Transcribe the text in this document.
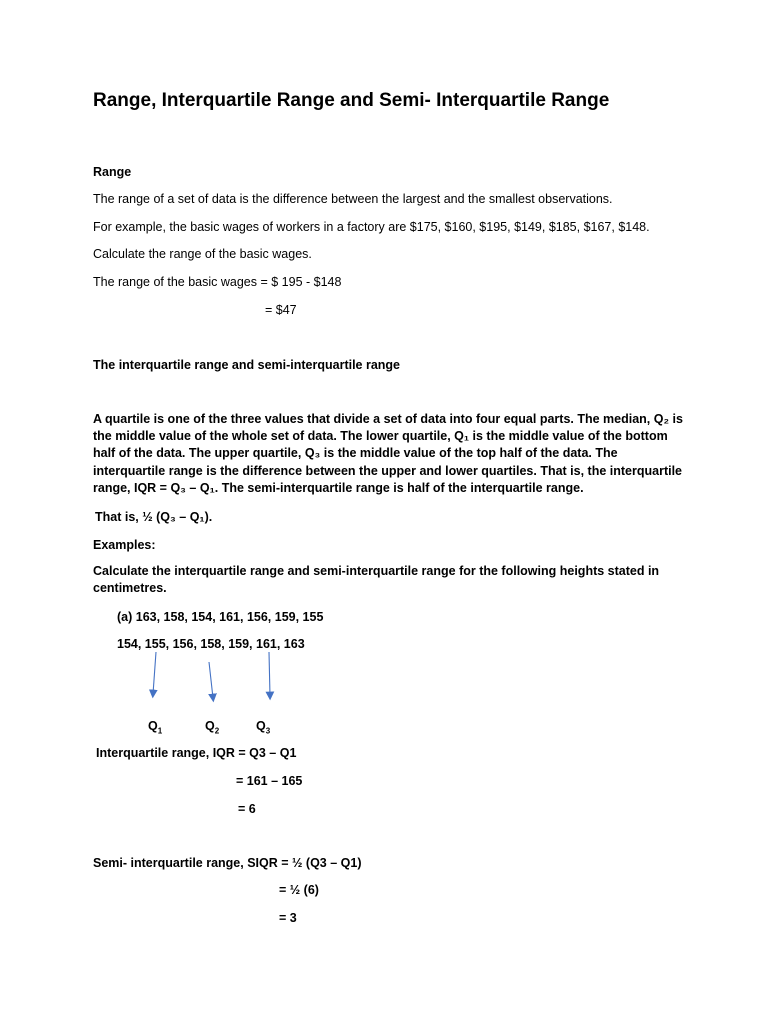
Range, Interquartile Range and Semi- Interquartile Range
Range
The range of a set of data is the difference between the largest and the smallest observations.
For example, the basic wages of workers in a factory are $175, $160, $195, $149, $185, $167, $148.
Calculate the range of the basic wages.
The range of the basic wages = $ 195 - $148
= $47
The interquartile range and semi-interquartile range
A quartile is one of the three values that divide a set of data into four equal parts. The median, Q₂ is the middle value of the whole set of data. The lower quartile, Q₁ is the middle value of the bottom half of the data. The upper quartile, Q₃ is the middle value of the top half of the data. The interquartile range is the difference between the upper and lower quartiles. That is, the interquartile range, IQR = Q₃ – Q₁. The semi-interquartile range is half of the interquartile range.
That is, ½ (Q₃ – Q₁).
Examples:
Calculate the interquartile range and semi-interquartile range for the following heights stated in centimetres.
(a) 163, 158, 154, 161, 156, 159, 155
154, 155, 156, 158, 159, 161, 163
$Q_1$	$Q_2$	$Q_3$
Interquartile range, IQR = Q3 – Q1
= 161 – 165
= 6
Semi- interquartile range, SIQR = ½ (Q3 – Q1)
= ½ (6)
= 3
